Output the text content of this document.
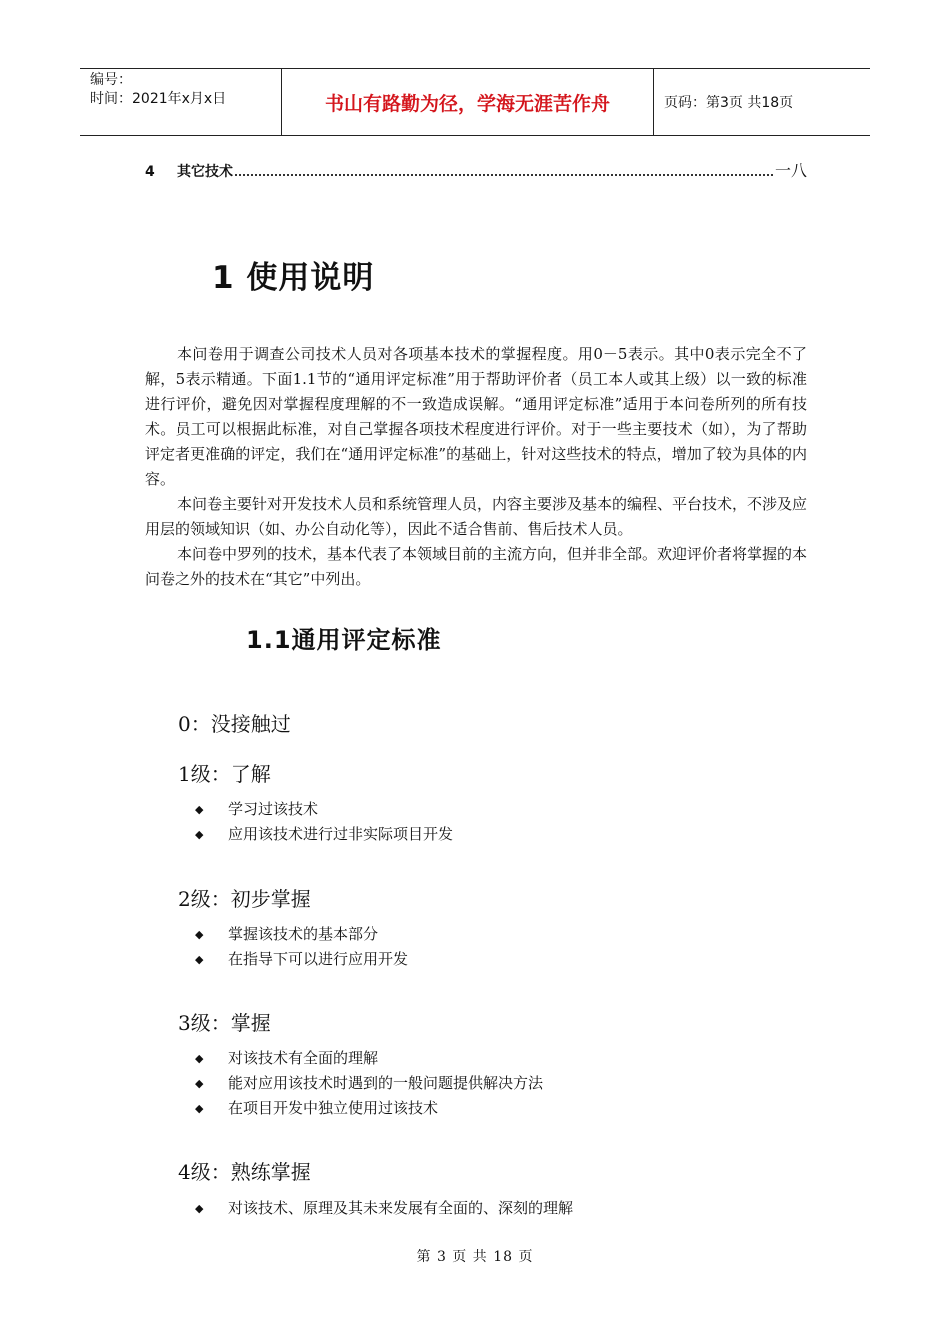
编号：
时间：2021年x月x日	书山有路勤为径，学海无涯苦作舟	页码：第3页 共18页
4	其它技术	一八
1 使用说明

本问卷用于调查公司技术人员对各项基本技术的掌握程度。用0－5表示。其中0表示完全不了解，5表示精通。下面1.1节的“通用评定标准”用于帮助评价者（员工本人或其上级）以一致的标准进行评价，避免因对掌握程度理解的不一致造成误解。“通用评定标准”适用于本问卷所列的所有技术。员工可以根据此标准，对自己掌握各项技术程度进行评价。对于一些主要技术（如），为了帮助评定者更准确的评定，我们在“通用评定标准”的基础上，针对这些技术的特点，增加了较为具体的内容。

本问卷主要针对开发技术人员和系统管理人员，内容主要涉及基本的编程、平台技术，不涉及应用层的领域知识（如、办公自动化等），因此不适合售前、售后技术人员。

本问卷中罗列的技术，基本代表了本领域目前的主流方向，但并非全部。欢迎评价者将掌握的本问卷之外的技术在“其它”中列出。

1.1通用评定标准
0：没接触过
1级：了解
◆	学习过该技术
◆	应用该技术进行过非实际项目开发
2级：初步掌握
◆	掌握该技术的基本部分
◆	在指导下可以进行应用开发
3级：掌握
◆	对该技术有全面的理解
◆	能对应用该技术时遇到的一般问题提供解决方法
◆	在项目开发中独立使用过该技术
4级：熟练掌握
◆	对该技术、原理及其未来发展有全面的、深刻的理解
第 3 页 共 18 页
